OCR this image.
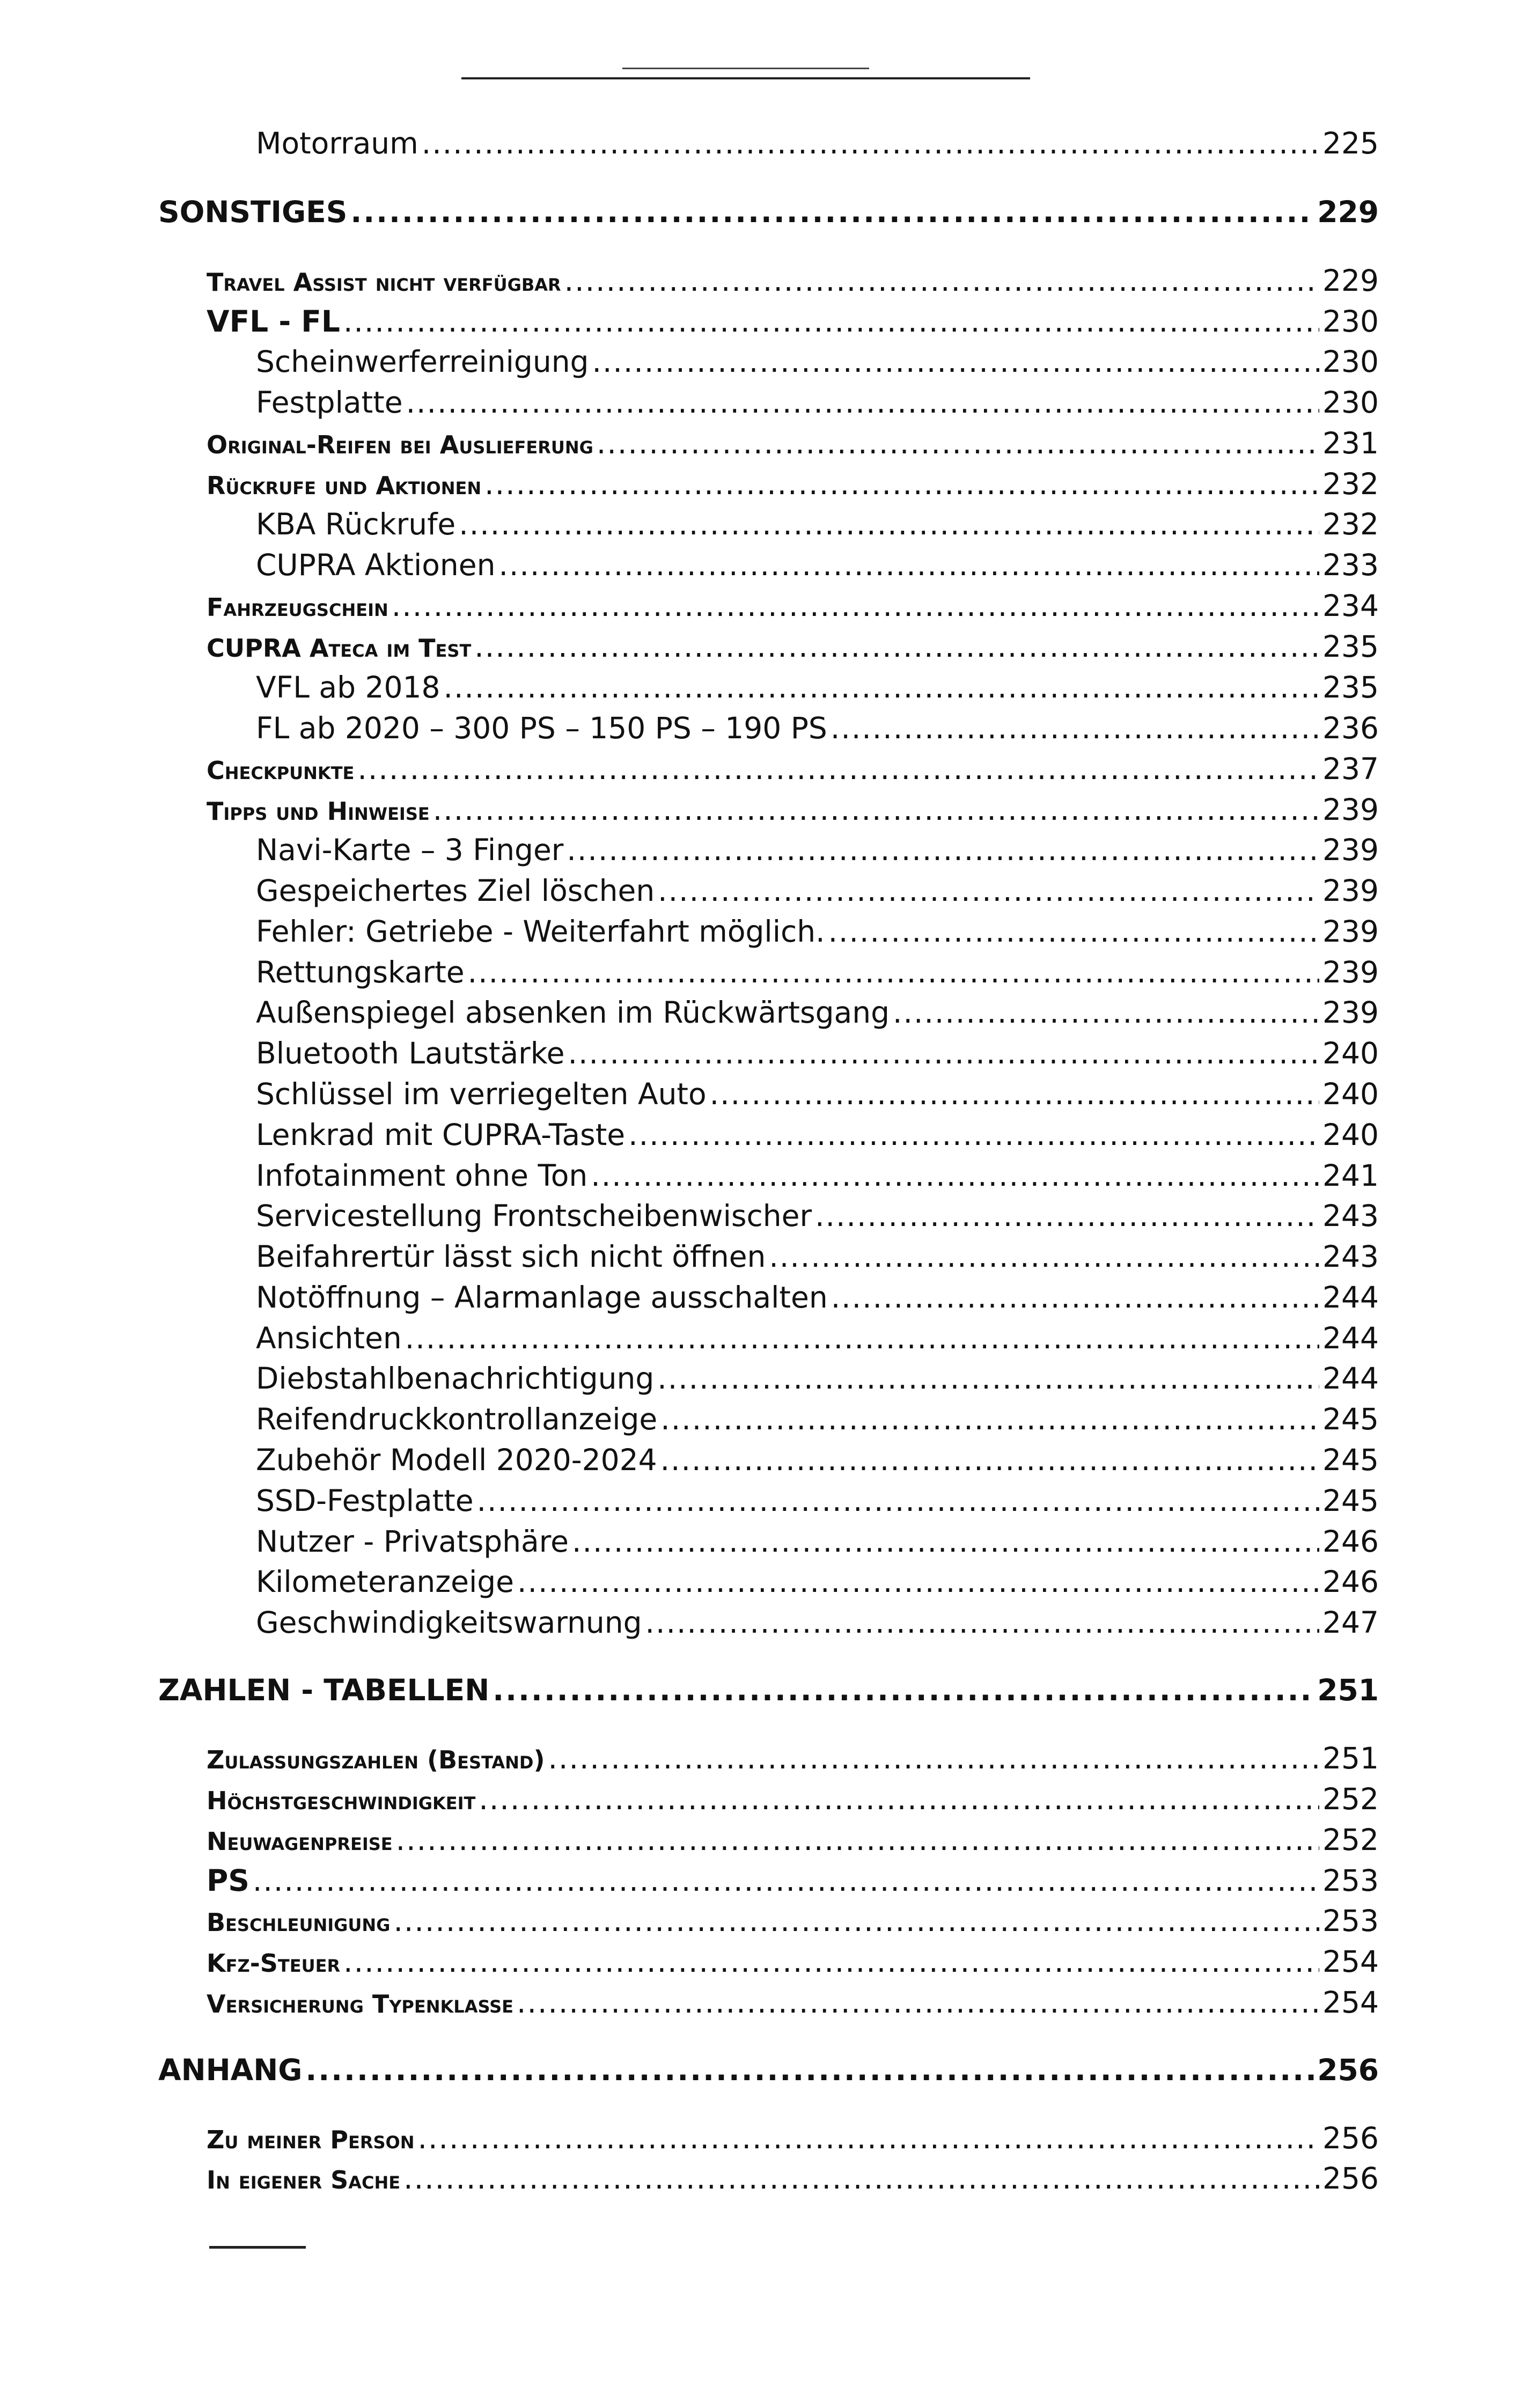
Motorraum .....	225
SONSTIGES .....	229
Travel Assist nicht verfügbar .....	229
VFL - FL .....	230
Scheinwerferreinigung .....	230
Festplatte .....	230
Original-Reifen bei Auslieferung .....	231
Rückrufe und Aktionen .....	232
KBA Rückrufe .....	232
CUPRA Aktionen .....	233
Fahrzeugschein .....	234
CUPRA Ateca im Test .....	235
VFL ab 2018 .....	235
FL ab 2020 – 300 PS – 150 PS – 190 PS .....	236
Checkpunkte .....	237
Tipps und Hinweise .....	239
Navi-Karte – 3 Finger .....	239
Gespeichertes Ziel löschen .....	239
Fehler: Getriebe - Weiterfahrt möglich. .....	239
Rettungskarte .....	239
Außenspiegel absenken im Rückwärtsgang .....	239
Bluetooth Lautstärke .....	240
Schlüssel im verriegelten Auto .....	240
Lenkrad mit CUPRA-Taste .....	240
Infotainment ohne Ton .....	241
Servicestellung Frontscheibenwischer .....	243
Beifahrertür lässt sich nicht öffnen .....	243
Notöffnung – Alarmanlage ausschalten .....	244
Ansichten .....	244
Diebstahlbenachrichtigung .....	244
Reifendruckkontrollanzeige .....	245
Zubehör Modell 2020-2024 .....	245
SSD-Festplatte .....	245
Nutzer - Privatsphäre .....	246
Kilometeranzeige .....	246
Geschwindigkeitswarnung .....	247
ZAHLEN - TABELLEN .....	251
Zulassungszahlen (Bestand) .....	251
Höchstgeschwindigkeit .....	252
Neuwagenpreise .....	252
PS .....	253
Beschleunigung .....	253
Kfz-Steuer .....	254
Versicherung Typenklasse .....	254
ANHANG .....	256
Zu meiner Person .....	256
In eigener Sache .....	256
